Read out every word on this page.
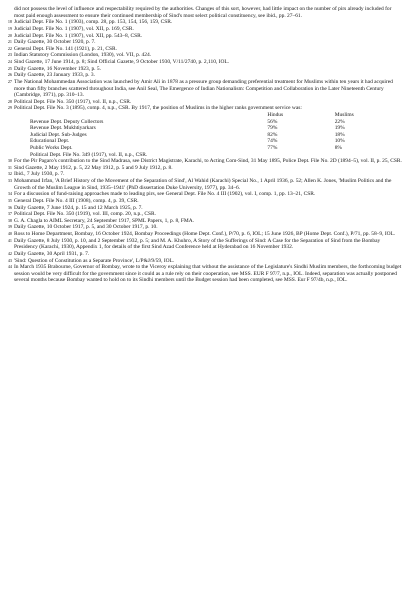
did not possess the level of influence and respectability required by the authorities. Changes of this sort, however, had little impact on the number of pirs already included for most paid enough assessment to ensure their continued membership of Sind's most select political constituency, see ibid., pp. 27–61.

18 Judicial Dept. File No. 1 (1903), comp. 28, pp. 153, 154, 156, 159, CSR.

19 Judicial Dept. File No. 1 (1907), vol. XII, p. 169, CSR.

20 Judicial Dept. File No. 1 (1907), vol. XII, pp. 543–8, CSR.

21 Daily Gazette, 30 October 1920, p. 7.

22 General Dept. File No. 141 (1921), p. 21, CSR.

23 Indian Statutory Commission (London, 1930), vol. VII, p. 424.

24 Sind Gazette, 17 June 1914, p. 8; Sind Official Gazette, 9 October 1930, V/11/2740, p. 2,110, IOL.

25 Daily Gazette, 16 November 1923, p. 5.

26 Daily Gazette, 23 January 1933, p. 3.

27 The National Mohammedan Association was launched by Amir Ali in 1878 as a pressure group demanding preferential treatment for Muslims within ten years it had acquired more than fifty branches scattered throughout India, see Anil Seal, The Emergence of Indian Nationalism: Competition and Collaboration in the Later Nineteenth Century (Cambridge, 1971), pp. 310–13.

28 Political Dept. File No. 350 (1917), vol. II, n.p., CSR.

29 Political Dept. File No. 3 (1895), comp. 4, n.p., CSR. By 1917, the position of Muslims in the higher ranks government service was:

	Hindus	Muslims
Revenue Dept. Deputy Collectors	56%	22%
Revenue Dept. Mukhtiyarkars	79%	19%
Judicial Dept. Sub-Judges	82%	18%
Educational Dept.	74%	10%
Public Works Dept.	77%	8%

Political Dept. File No. 349 (1917), vol. II, n.p., CSR.

30 For the Pir Pagaro's contribution to the Sind Madrasa, see District Magistrate, Karachi, to Acting Com-Sind, 31 May 1895, Police Dept. File No. 2D (1894–5), vol. II, p. 25, CSR.

31 Sind Gazette, 2 May 1912, p. 5, 22 May 1912, p. 5 and 9 July 1912, p. 8.

32 Ibid., 7 July 1930, p. 7.

33 Mohammad Irfan, 'A Brief History of the Movement of the Separation of Sind', Al Wahid (Karachi) Special No., 1 April 1936, p. 52; Allen K. Jones, 'Muslim Politics and the Growth of the Muslim League in Sind, 1935–1941' (PhD dissertation Duke University, 1977), pp. 34–6.

34 For a discussion of fund-raising approaches made to leading pirs, see General Dept. File No. 4 III (1902), vol. I, comp. 1, pp. 13–21, CSR.

35 General Dept. File No. 4 III (1908), comp. 4, p. 39, CSR.

36 Daily Gazette, 7 June 1924, p. 15 and 12 March 1925, p. 7.

37 Political Dept. File No. 350 (1919), vol. III, comp. 20, n.p., CSR.

38 G. A. Chagla to AIML Secretary, 24 September 1917, SPML Papers, 1, p. 8, FMA.

39 Daily Gazette, 10 October 1917, p. 5, and 30 October 1917, p. 10.

40 Ross to Home Department, Bombay, 16 October 1924, Bombay Proceedings (Home Dept. Conf.), P/70, p. 6, IOL; 15 June 1926, BP (Home Dept. Conf.), P/71, pp. 58–9, IOL.

41 Daily Gazette, 8 July 1930, p. 10, and 2 September 1932, p. 5; and M. A. Khuhro, A Story of the Sufferings of Sind: A Case for the Separation of Sind from the Bombay Presidency (Karachi, 1930), Appendix 1, for details of the first Sind Azad Conference held at Hyderabad on 16 November 1932.

42 Daily Gazette, 30 April 1931, p. 7.

43 'Sind: Question of Constitution as a Separate Province', L/P&J/9/59, IOL.

44 In March 1935 Brabourne, Governor of Bombay, wrote to the Viceroy explaining that without the assistance of the Legislature's Sindhi Muslim members, the forthcoming budget session would be very difficult for the government since it could as a rule rely on their cooperation, see MSS. EUR F 97/7, n.p., IOL. Indeed, separation was actually postponed several months because Bombay wanted to hold on to its Sindhi members until the Budget session had been completed, see MSS. Eur F 97/4b, n.p., IOL.
